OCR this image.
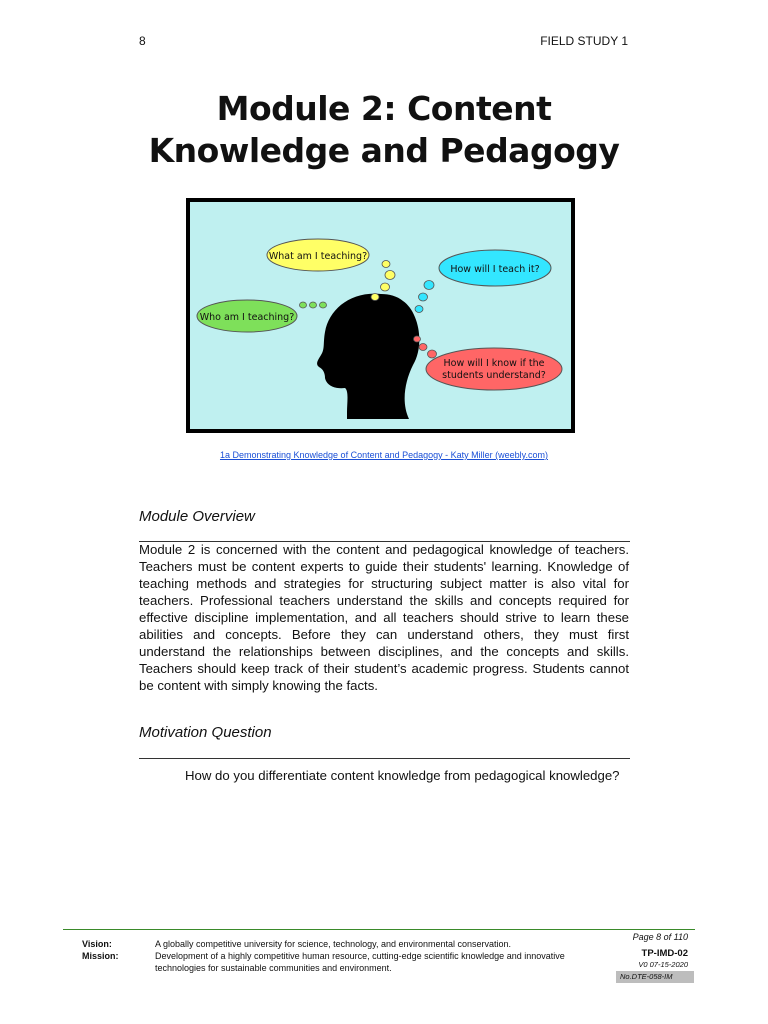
8	FIELD STUDY 1
Module 2: Content
Knowledge and Pedagogy
What am I teaching?
How will I teach it?
Who am I teaching?
How will I know if the
students understand?
1a Demonstrating Knowledge of Content and Pedagogy - Katy Miller (weebly.com)
Module Overview
Module 2 is concerned with the content and pedagogical knowledge of teachers. Teachers must be content experts to guide their students' learning. Knowledge of teaching methods and strategies for structuring subject matter is also vital for teachers. Professional teachers understand the skills and concepts required for effective discipline implementation, and all teachers should strive to learn these abilities and concepts. Before they can understand others, they must first understand the relationships between disciplines, and the concepts and skills. Teachers should keep track of their student’s academic progress. Students cannot be content with simply knowing the facts.
Motivation Question
How do you differentiate content knowledge from pedagogical knowledge?
Vision:	A globally competitive university for science, technology, and environmental conservation.
Mission:	Development of a highly competitive human resource, cutting-edge scientific knowledge and innovative technologies for sustainable communities and environment.
Page 8 of 110
TP-IMD-02
V0 07-15-2020
No.DTE-058-IM
